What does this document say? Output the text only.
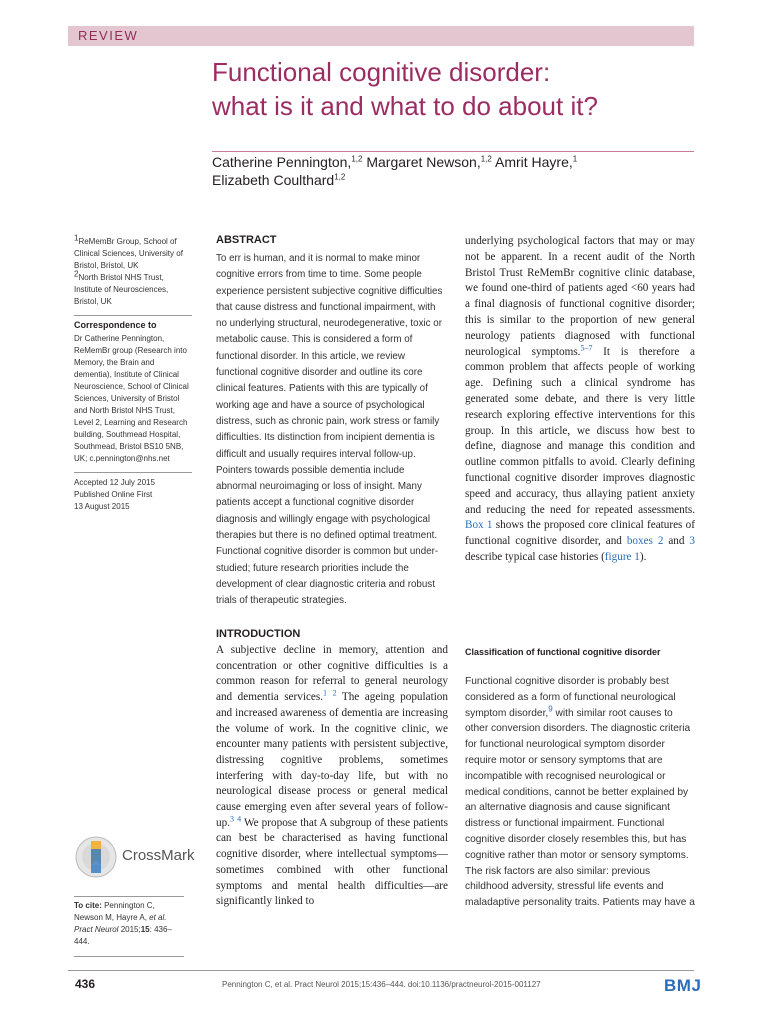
REVIEW
Functional cognitive disorder:
what is it and what to do about it?
Catherine Pennington,$^{1,2}$ Margaret Newson,$^{1,2}$ Amrit Hayre,$^1$
Elizabeth Coulthard$^{1,2}$
$^1$ReMemBr Group, School of Clinical Sciences, University of Bristol, Bristol, UK
$^2$North Bristol NHS Trust, Institute of Neurosciences, Bristol, UK
Correspondence to
Dr Catherine Pennington, ReMemBr group (Research into Memory, the Brain and dementia), Institute of Clinical Neuroscience, School of Clinical Sciences, University of Bristol and North Bristol NHS Trust, Level 2, Learning and Research building, Southmead Hospital, Southmead, Bristol BS10 5NB, UK; c.pennington@nhs.net
Accepted 12 July 2015
Published Online First
13 August 2015
CrossMark
To cite: Pennington C, Newson M, Hayre A, et al.
Pract Neurol 2015;15: 436–444.
ABSTRACT

To err is human, and it is normal to make minor cognitive errors from time to time. Some people experience persistent subjective cognitive difficulties that cause distress and functional impairment, with no underlying structural, neurodegenerative, toxic or metabolic cause. This is considered a form of functional disorder. In this article, we review functional cognitive disorder and outline its core clinical features. Patients with this are typically of working age and have a source of psychological distress, such as chronic pain, work stress or family difficulties. Its distinction from incipient dementia is difficult and usually requires interval follow-up. Pointers towards possible dementia include abnormal neuroimaging or loss of insight. Many patients accept a functional cognitive disorder diagnosis and willingly engage with psychological therapies but there is no defined optimal treatment. Functional cognitive disorder is common but under-studied; future research priorities include the development of clear diagnostic criteria and robust trials of therapeutic strategies.

INTRODUCTION

A subjective decline in memory, attention and concentration or other cognitive difficulties is a common reason for referral to general neurology and dementia services.$^1$ $^2$ The ageing population and increased awareness of dementia are increasing the volume of work. In the cognitive clinic, we encounter many patients with persistent subjective, distressing cognitive problems, sometimes interfering with day-to-day life, but with no neurological disease process or general medical cause emerging even after several years of follow-up.$^3$ $^4$ We propose that A subgroup of these patients can best be characterised as having functional cognitive disorder, where intellectual symptoms—sometimes combined with other functional symptoms and mental health difficulties—are significantly linked to

underlying psychological factors that may or may not be apparent. In a recent audit of the North Bristol Trust ReMemBr cognitive clinic database, we found one-third of patients aged <60 years had a final diagnosis of functional cognitive disorder; this is similar to the proportion of new general neurology patients diagnosed with functional neurological symptoms.$^{5-7}$ It is therefore a common problem that affects people of working age. Defining such a clinical syndrome has generated some debate, and there is very little research exploring effective interventions for this group. In this article, we discuss how best to define, diagnose and manage this condition and outline common pitfalls to avoid. Clearly defining functional cognitive disorder improves diagnostic speed and accuracy, thus allaying patient anxiety and reducing the need for repeated assessments. Box 1 shows the proposed core clinical features of functional cognitive disorder, and boxes 2 and 3 describe typical case histories (figure 1).

Classification of functional cognitive disorder

Functional cognitive disorder is probably best considered as a form of functional neurological symptom disorder,$^9$ with similar root causes to other conversion disorders. The diagnostic criteria for functional neurological symptom disorder require motor or sensory symptoms that are incompatible with recognised neurological or medical conditions, cannot be better explained by an alternative diagnosis and cause significant distress or functional impairment. Functional cognitive disorder closely resembles this, but has cognitive rather than motor or sensory symptoms. The risk factors are also similar: previous childhood adversity, stressful life events and maladaptive personality traits. Patients may have a

436	Pennington C, et al. Pract Neurol 2015;15:436–444. doi:10.1136/practneurol-2015-001127	BMJ
